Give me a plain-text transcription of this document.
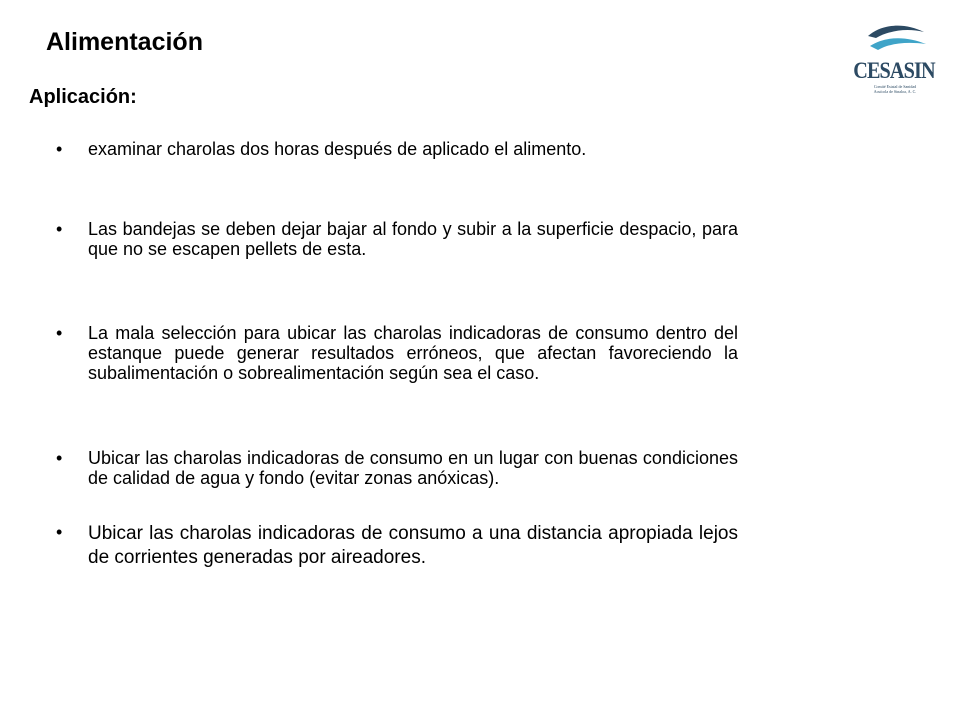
Alimentación
Aplicación:
CESASIN
Comité Estatal de Sanidad
Acuícola de Sinaloa, A. C.
• examinar charolas dos horas después de aplicado el alimento.
• Las bandejas se deben dejar bajar al fondo y subir a la superficie despacio, para que no se escapen pellets de esta.
• La mala selección para ubicar las charolas indicadoras de consumo dentro del estanque puede generar resultados erróneos, que afectan favoreciendo la subalimentación o sobrealimentación según sea el caso.
• Ubicar las charolas indicadoras de consumo en un lugar con buenas condiciones de calidad de agua y fondo (evitar zonas anóxicas).
• Ubicar las charolas indicadoras de consumo a una distancia apropiada lejos de corrientes generadas por aireadores.
